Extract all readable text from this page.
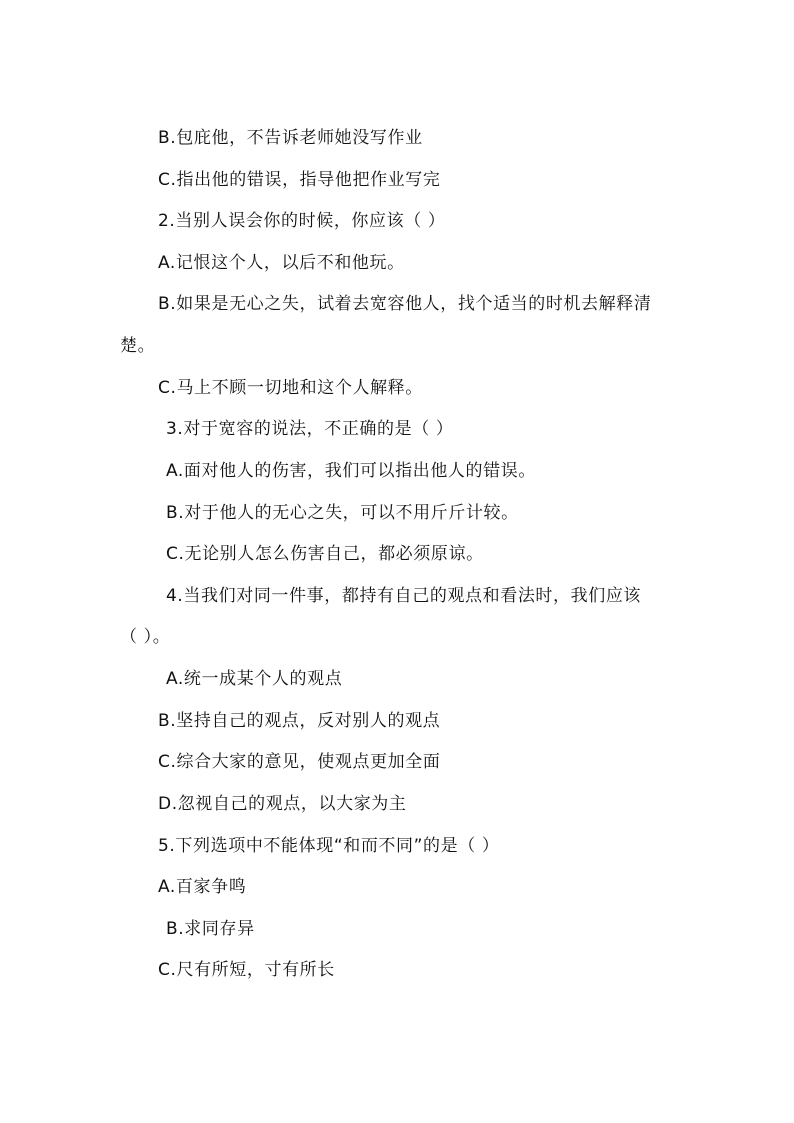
B.包庇他，不告诉老师她没写作业
C.指出他的错误，指导他把作业写完
2.当别人误会你的时候，你应该（ ）
A.记恨这个人，以后不和他玩。
B.如果是无心之失，试着去宽容他人，找个适当的时机去解释清
楚。
C.马上不顾一切地和这个人解释。
3.对于宽容的说法，不正确的是（ ）
A.面对他人的伤害，我们可以指出他人的错误。
B.对于他人的无心之失，可以不用斤斤计较。
C.无论别人怎么伤害自己，都必须原谅。
4.当我们对同一件事，都持有自己的观点和看法时，我们应该
（ ）。
A.统一成某个人的观点
B.坚持自己的观点，反对别人的观点
C.综合大家的意见，使观点更加全面
D.忽视自己的观点，以大家为主
5.下列选项中不能体现“和而不同”的是（ ）
A.百家争鸣
B.求同存异
C.尺有所短，寸有所长
